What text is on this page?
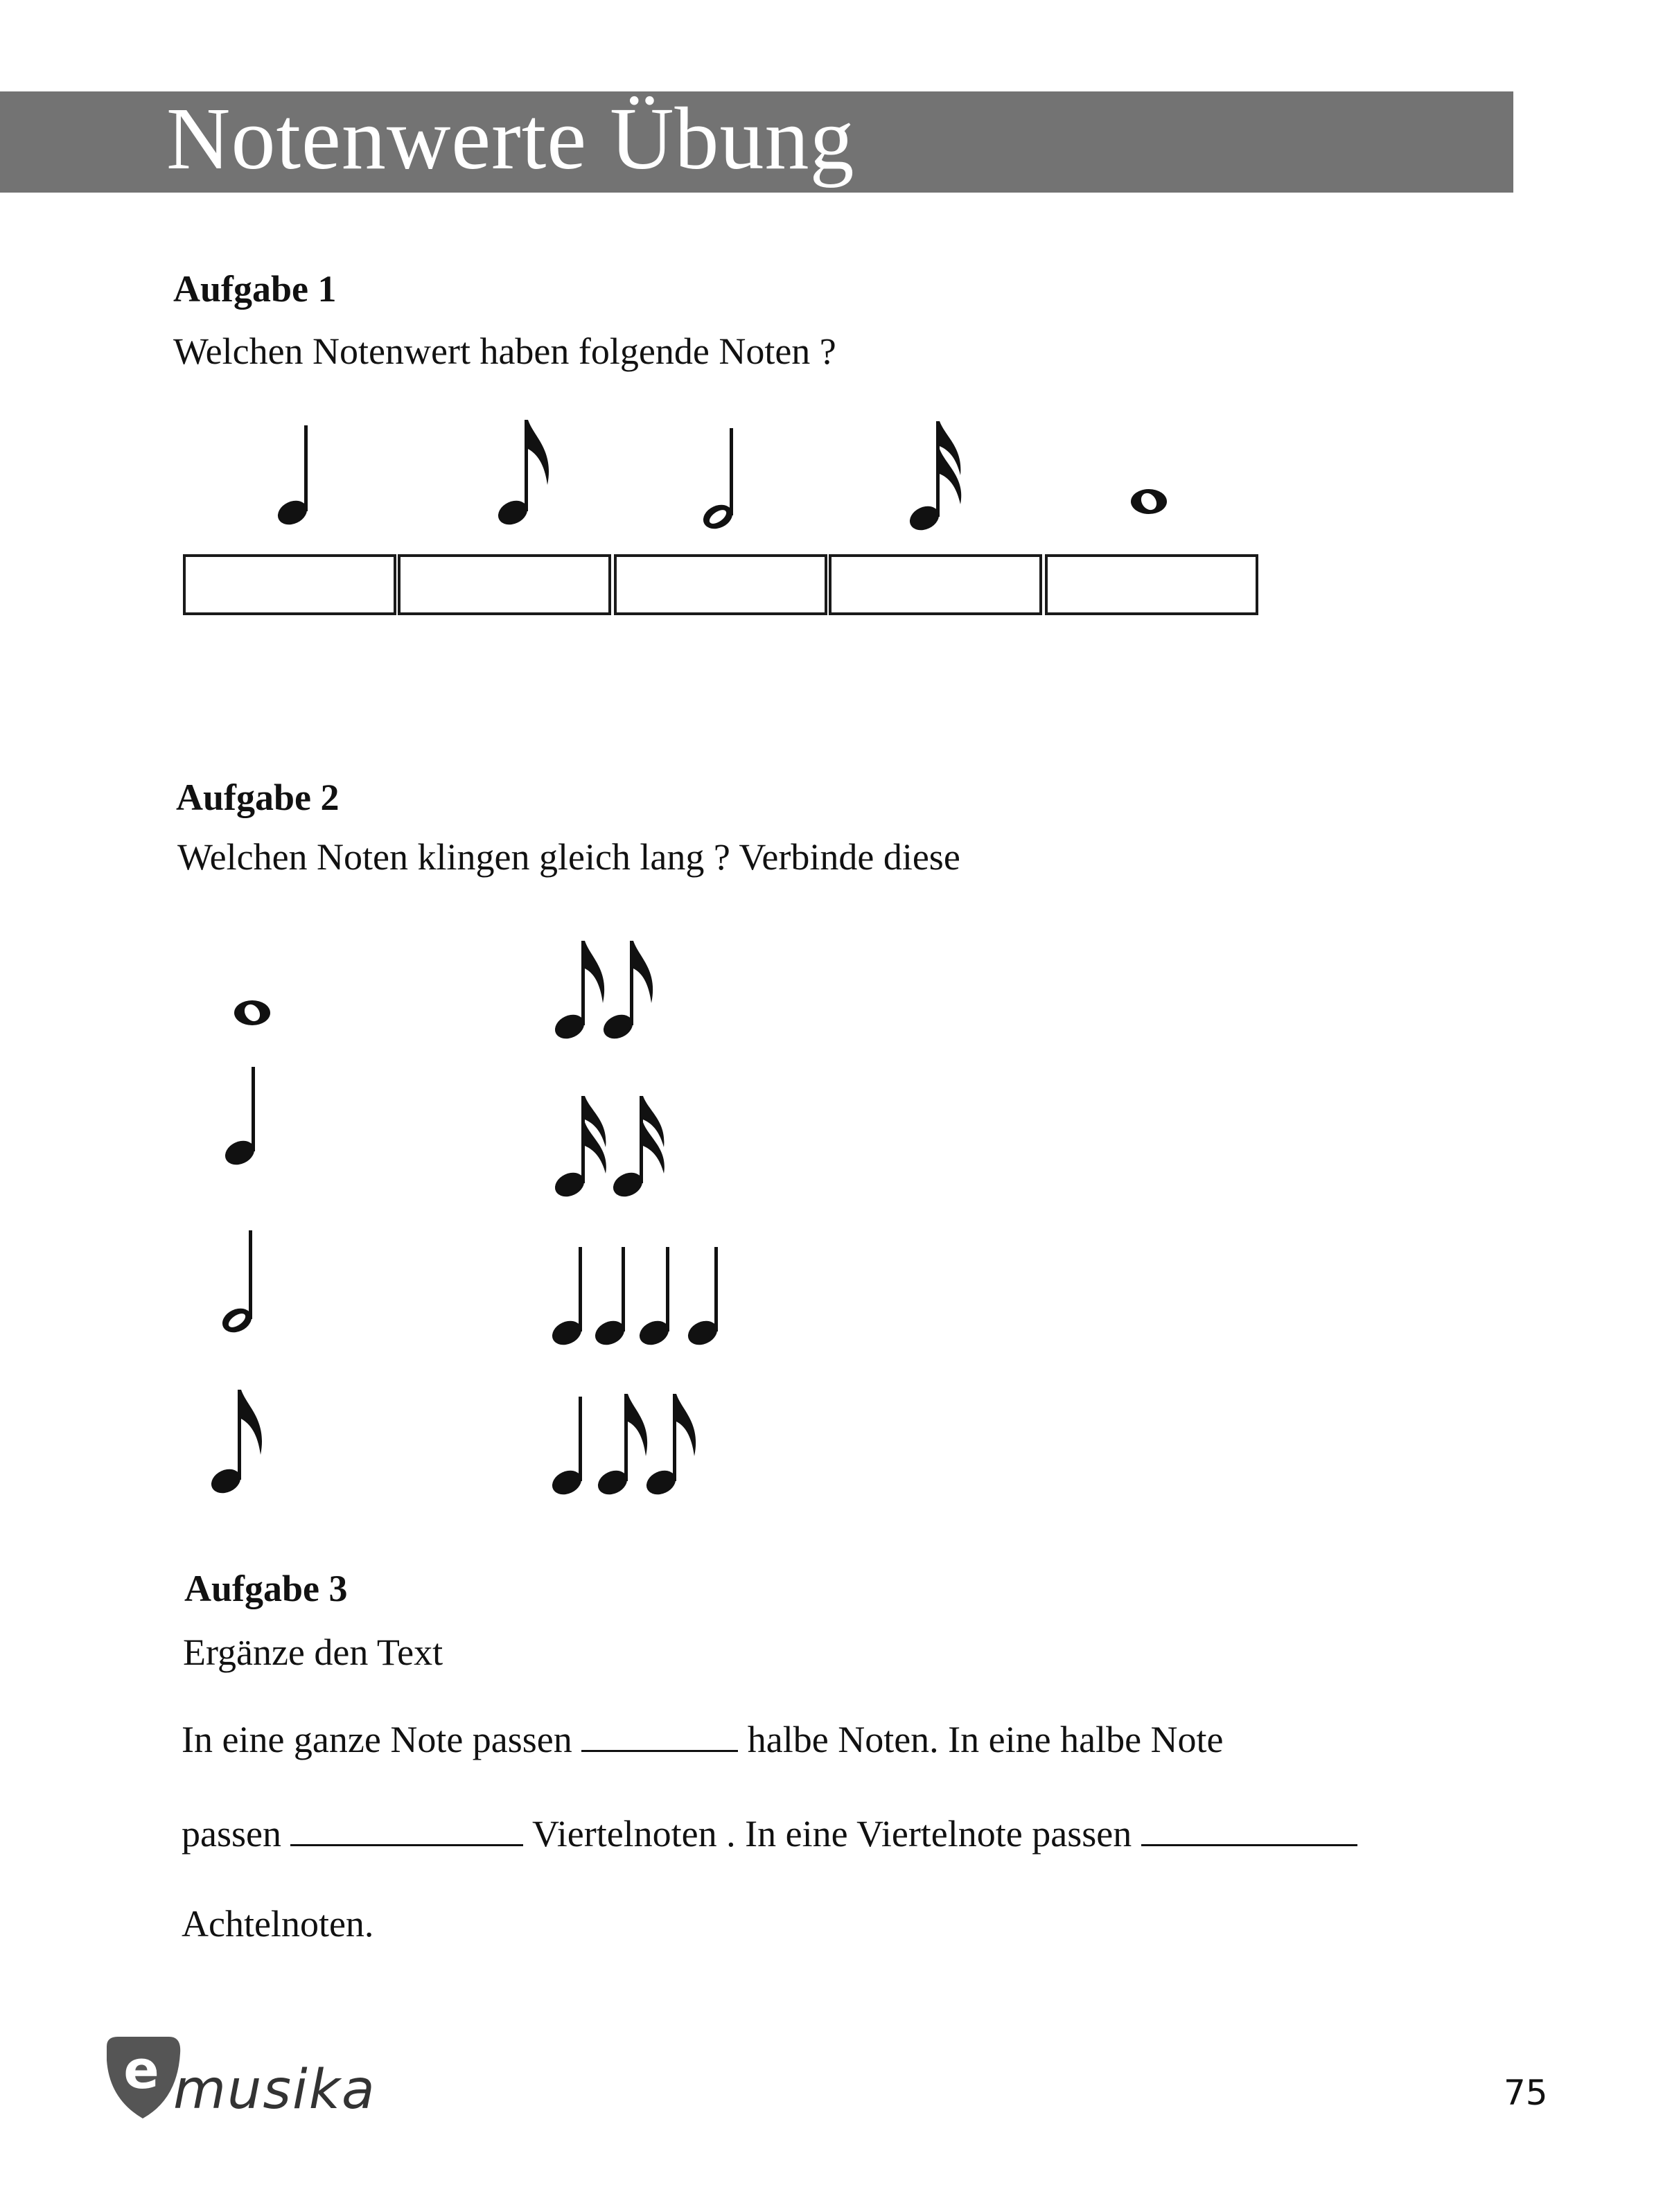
Notenwerte Übung
Aufgabe 1
Welchen Notenwert haben folgende Noten ?
Aufgabe 2
Welchen Noten klingen gleich lang ? Verbinde diese
Aufgabe 3
Ergänze den Text
In eine ganze Note passen	halbe Noten. In eine halbe Note
passen	Viertelnoten . In eine Viertelnote passen
Achtelnoten.
e musika	75
